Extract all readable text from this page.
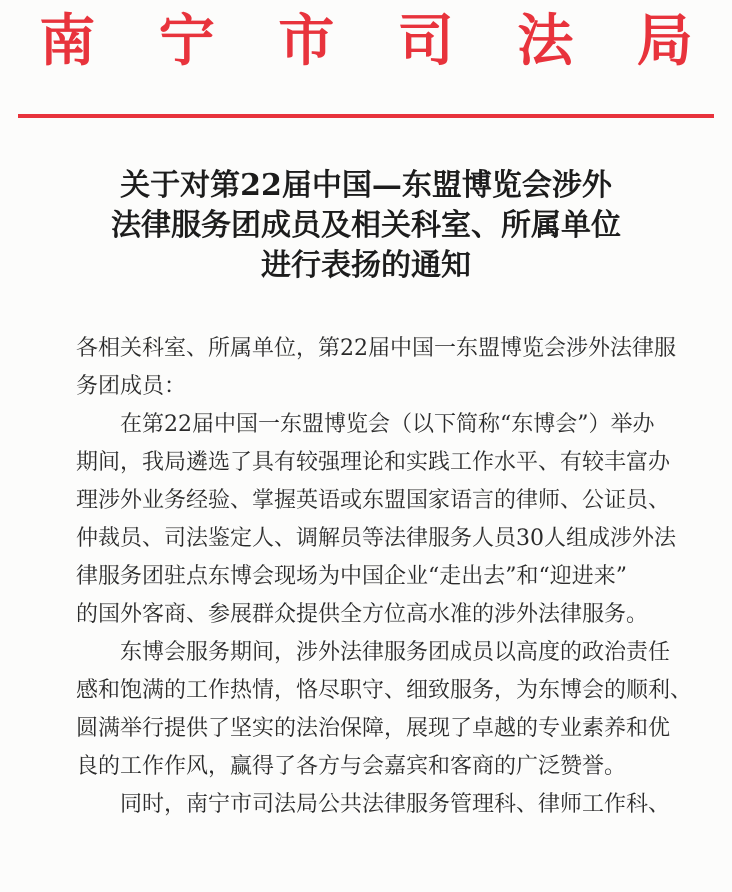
南 宁 市 司 法 局
关于对第22届中国—东盟博览会涉外
法律服务团成员及相关科室、所属单位
进行表扬的通知
各相关科室、所属单位，第22届中国一东盟博览会涉外法律服
务团成员：
在第22届中国一东盟博览会（以下简称“东博会”）举办
期间，我局遴选了具有较强理论和实践工作水平、有较丰富办
理涉外业务经验、掌握英语或东盟国家语言的律师、公证员、
仲裁员、司法鉴定人、调解员等法律服务人员30人组成涉外法
律服务团驻点东博会现场为中国企业“走出去”和“迎进来”
的国外客商、参展群众提供全方位高水准的涉外法律服务。
东博会服务期间，涉外法律服务团成员以高度的政治责任
感和饱满的工作热情，恪尽职守、细致服务，为东博会的顺利、
圆满举行提供了坚实的法治保障，展现了卓越的专业素养和优
良的工作作风，赢得了各方与会嘉宾和客商的广泛赞誉。
同时，南宁市司法局公共法律服务管理科、律师工作科、
